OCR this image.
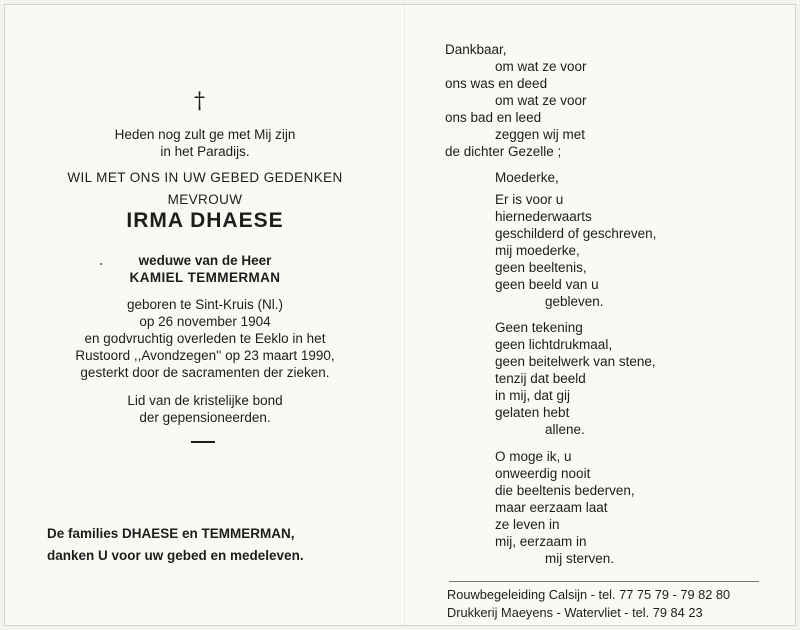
†
Heden nog zult ge met Mij zijn
in het Paradijs.
WIL MET ONS IN UW GEBED GEDENKEN
MEVROUW
IRMA DHAESE
weduwe van de Heer
KAMIEL TEMMERMAN
geboren te Sint-Kruis (Nl.)
op 26 november 1904
en godvruchtig overleden te Eeklo in het
Rustoord ,,Avondzegen'' op 23 maart 1990,
gesterkt door de sacramenten der zieken.
Lid van de kristelijke bond
der gepensioneerden.
De families DHAESE en TEMMERMAN,
danken U voor uw gebed en medeleven.
Dankbaar,
om wat ze voor
ons was en deed
om wat ze voor
ons bad en leed
zeggen wij met
de dichter Gezelle ;
Moederke,
Er is voor u
hiernederwaarts
geschilderd of geschreven,
mij moederke,
geen beeltenis,
geen beeld van u
gebleven.
Geen tekening
geen lichtdrukmaal,
geen beitelwerk van stene,
tenzij dat beeld
in mij, dat gij
gelaten hebt
allene.
O moge ik, u
onweerdig nooit
die beeltenis bederven,
maar eerzaam laat
ze leven in
mij, eerzaam in
mij sterven.
Rouwbegeleiding Calsijn - tel. 77 75 79 - 79 82 80
Drukkerij Maeyens - Watervliet - tel. 79 84 23
